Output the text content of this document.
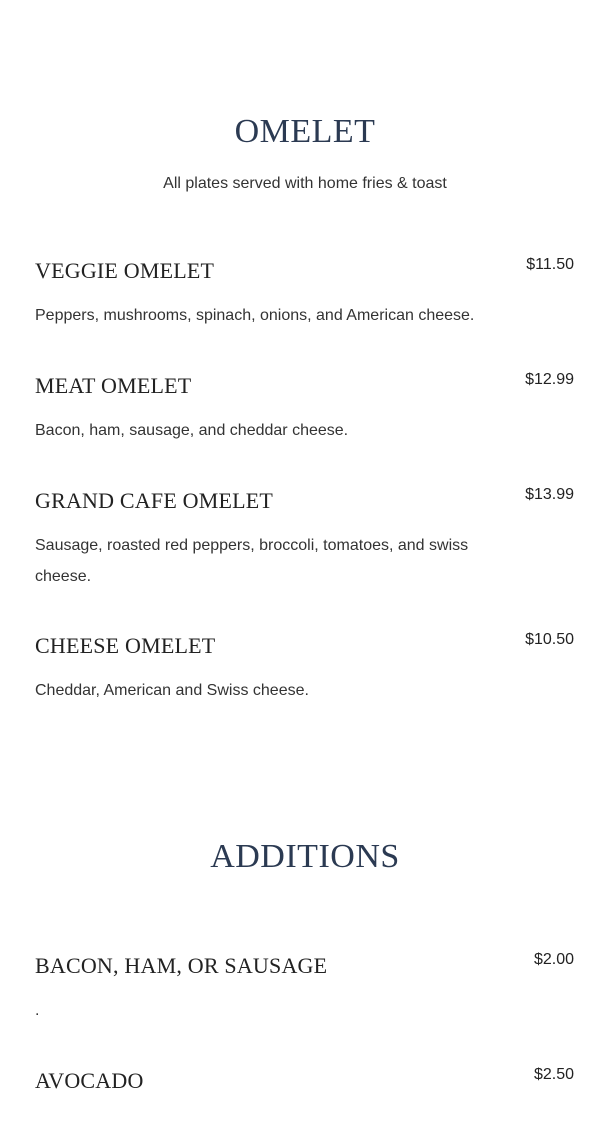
OMELET
All plates served with home fries & toast
VEGGIE OMELET	$11.50
Peppers, mushrooms, spinach, onions, and American cheese.
MEAT OMELET	$12.99
Bacon, ham, sausage, and cheddar cheese.
GRAND CAFE OMELET	$13.99
Sausage, roasted red peppers, broccoli, tomatoes, and swiss cheese.
CHEESE OMELET	$10.50
Cheddar, American and Swiss cheese.
ADDITIONS
BACON, HAM, OR SAUSAGE	$2.00
.
AVOCADO	$2.50
